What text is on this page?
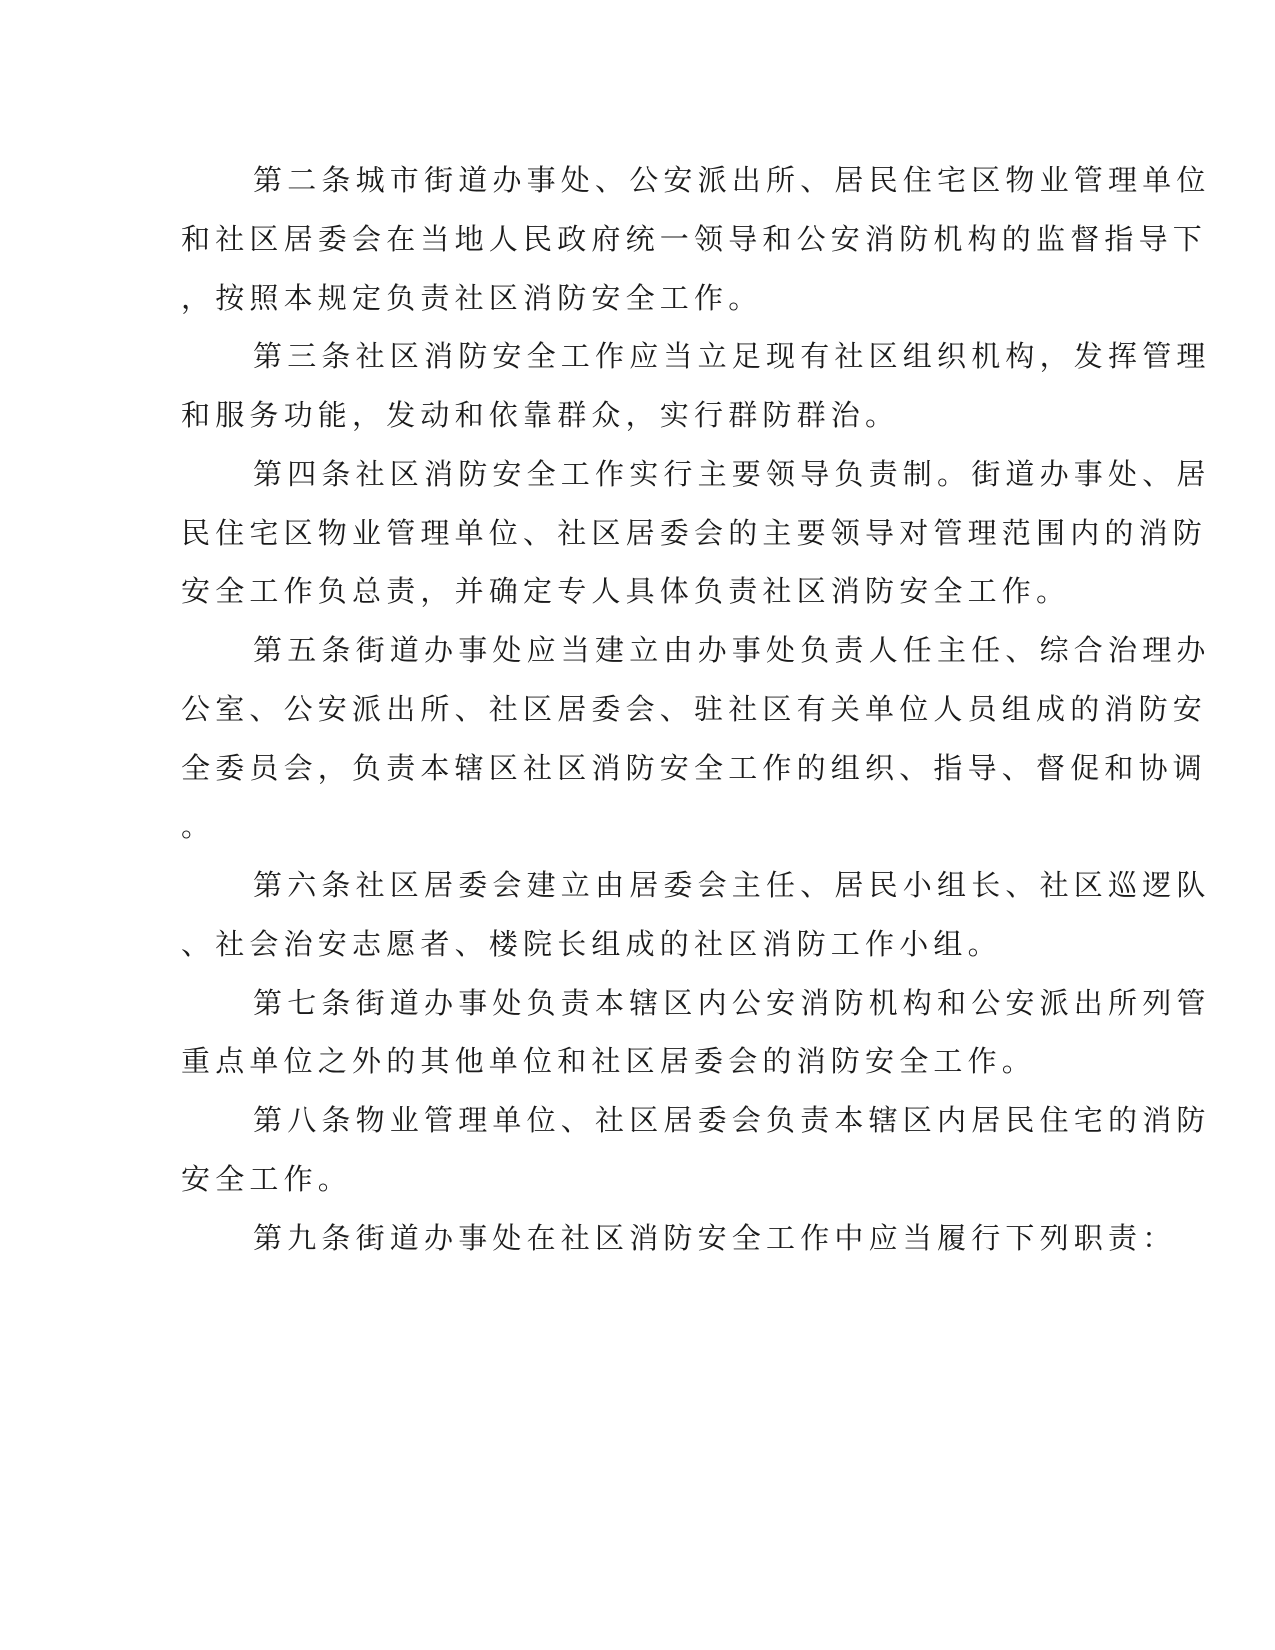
第二条城市街道办事处、公安派出所、居民住宅区物业管理单位

和社区居委会在当地人民政府统一领导和公安消防机构的监督指导下

，按照本规定负责社区消防安全工作。

第三条社区消防安全工作应当立足现有社区组织机构，发挥管理

和服务功能，发动和依靠群众，实行群防群治。

第四条社区消防安全工作实行主要领导负责制。街道办事处、居

民住宅区物业管理单位、社区居委会的主要领导对管理范围内的消防

安全工作负总责，并确定专人具体负责社区消防安全工作。

第五条街道办事处应当建立由办事处负责人任主任、综合治理办

公室、公安派出所、社区居委会、驻社区有关单位人员组成的消防安

全委员会，负责本辖区社区消防安全工作的组织、指导、督促和协调

。

第六条社区居委会建立由居委会主任、居民小组长、社区巡逻队

、社会治安志愿者、楼院长组成的社区消防工作小组。

第七条街道办事处负责本辖区内公安消防机构和公安派出所列管

重点单位之外的其他单位和社区居委会的消防安全工作。

第八条物业管理单位、社区居委会负责本辖区内居民住宅的消防

安全工作。

第九条街道办事处在社区消防安全工作中应当履行下列职责：
